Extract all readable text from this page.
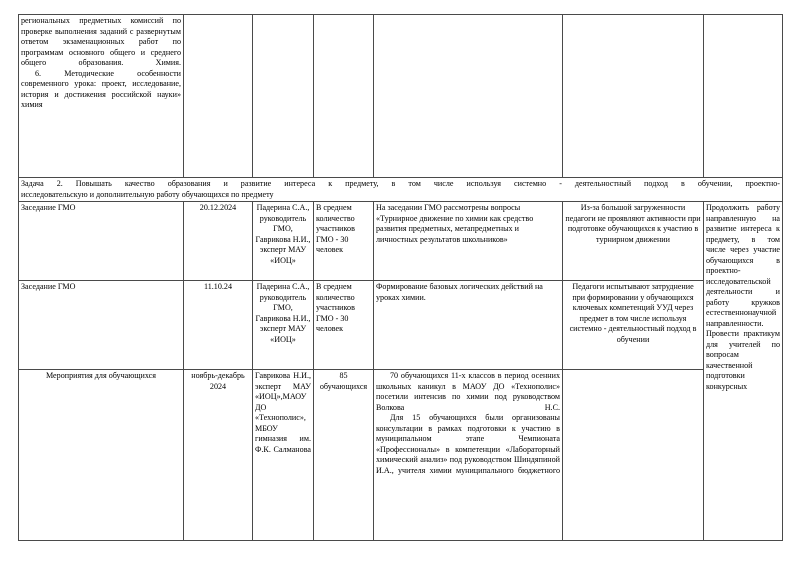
региональных предметных комиссий по проверке выполнения заданий с развернутым ответом экзаменационных работ по программам основного общего и среднего общего образования. Химия.

6. Методические особенности современного урока: проект, исследование, история и достижения российской науки» химия						

Задача 2. Повышать качество образования и развитие интереса к предмету, в том числе используя системно - деятельностный подход в обучении, проектно-

исследовательскую и дополнительную работу обучающихся по предмету						

Заседание ГМО	20.12.2024	Падерина С.А., руководитель ГМО, Гаврикова Н.И., эксперт МАУ «ИОЦ»	В среднем количество участников ГМО - 30 человек	На заседании ГМО рассмотрены вопросы «Турнирное движение по химии как средство развития предметных, метапредметных и личностных результатов школьников»	Из-за большой загруженности педагоги не проявляют активности при подготовке обучающихся к участию в турнирном движении	Продолжить работу направленную на развитие интереса к предмету, в том числе через участие обучающихся в проектно-исследовательской деятельности и работу кружков естественнонаучной направленности. Провести практикум для учителей по вопросам качественной подготовки конкурсных
Заседание ГМО	11.10.24	Падерина С.А., руководитель ГМО, Гаврикова Н.И., эксперт МАУ «ИОЦ»	В среднем количество участников ГМО - 30 человек	Формирование базовых логических действий на уроках химии.	Педагоги испытывают затруднение при формировании у обучающихся ключевых компетенций УУД через предмет в том числе используя системно - деятельностный подход в обучении	
Мероприятия для обучающихся	ноябрь-декабрь 2024	Гаврикова Н.И., эксперт МАУ «ИОЦ»,МАОУ ДО «Технополис», МБОУ гимназия им. Ф.К. Салманова	85 обучающихся	70 обучающихся 11-х классов в период осенних школьных каникул в МАОУ ДО «Технополис» посетили интенсив по химии под руководством Волкова Н.С.

Для 15 обучающихся были организованы консультации в рамках подготовки к участию в муниципальном этапе Чемпионата «Профессионалы» в компетенции «Лабораторный химический анализ» под руководством Шиндяпиной И.А., учителя химии муниципального бюджетного		
